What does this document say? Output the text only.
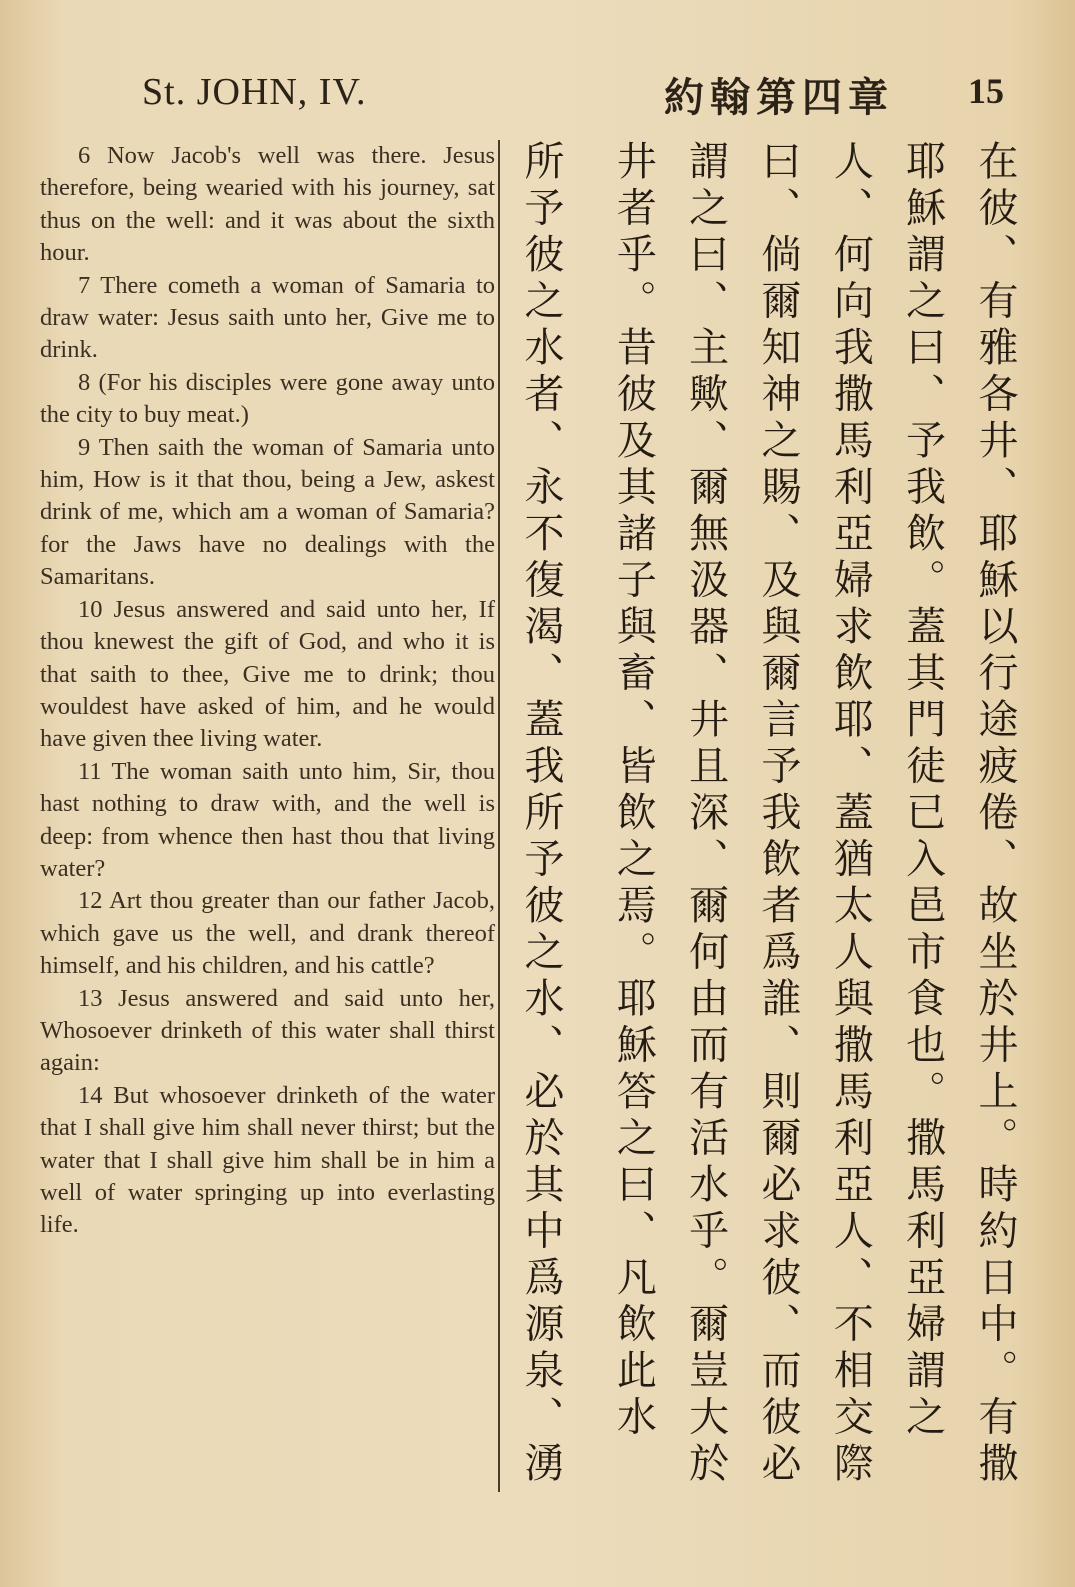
St. JOHN, IV.	約翰第四章 15

6 Now Jacob's well was there. Jesus therefore, being wearied with his journey, sat thus on the well: and it was about the sixth hour.

7 There cometh a woman of Samaria to draw water: Jesus saith unto her, Give me to drink.

8 (For his disciples were gone away unto the city to buy meat.)

9 Then saith the woman of Samaria unto him, How is it that thou, being a Jew, askest drink of me, which am a woman of Samaria? for the Jaws have no dealings with the Samaritans.

10 Jesus answered and said unto her, If thou knewest the gift of God, and who it is that saith to thee, Give me to drink; thou wouldest have asked of him, and he would have given thee living water.

11 The woman saith unto him, Sir, thou hast nothing to draw with, and the well is deep: from whence then hast thou that living water?

12 Art thou greater than our father Jacob, which gave us the well, and drank thereof himself, and his children, and his cattle?

13 Jesus answered and said unto her, Whosoever drinketh of this water shall thirst again:

14 But whosoever drinketh of the water that I shall give him shall never thirst; but the water that I shall give him shall be in him a well of water springing up into everlasting life.

在彼、有雅各井、耶穌以行途疲倦、故坐於井上。時約日中。有撒
耶穌謂之曰、予我飲。蓋其門徒已入邑市食也。撒馬利亞婦謂之
人、何向我撒馬利亞婦求飲耶、蓋猶太人與撒馬利亞人、不相交際
曰、倘爾知神之賜、及與爾言予我飲者爲誰、則爾必求彼、而彼必
謂之曰、主歟、爾無汲器、井且深、爾何由而有活水乎。爾豈大於
井者乎。昔彼及其諸子與畜、皆飲之焉。耶穌答之曰、凡飲此水
所予彼之水者、永不復渴、蓋我所予彼之水、必於其中爲源泉、湧
